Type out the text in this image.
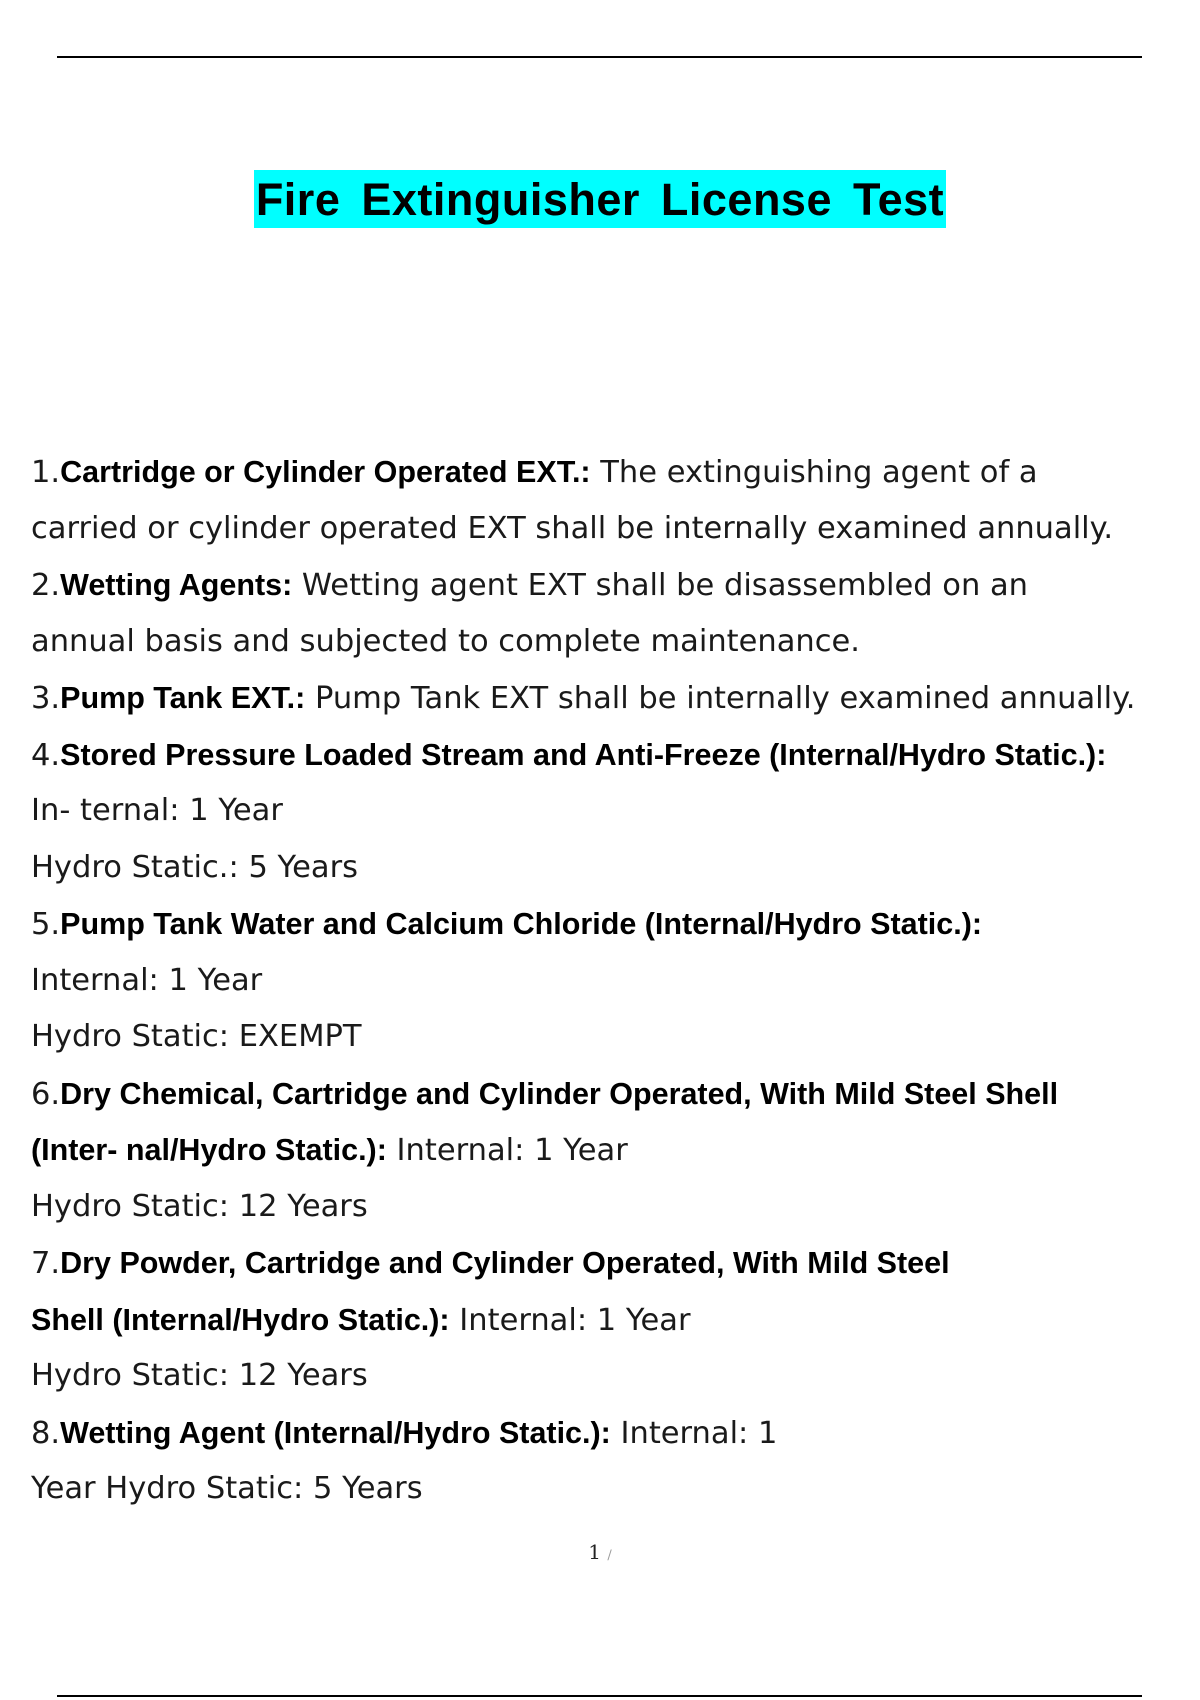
Fire Extinguisher License Test
1.Cartridge or Cylinder Operated EXT.: The extinguishing agent of a
carried or cylinder operated EXT shall be internally examined annually.
2.Wetting Agents: Wetting agent EXT shall be disassembled on an
annual basis and subjected to complete maintenance.
3.Pump Tank EXT.: Pump Tank EXT shall be internally examined annually.
4.Stored Pressure Loaded Stream and Anti-Freeze (Internal/Hydro Static.):
In- ternal: 1 Year
Hydro Static.: 5 Years
5.Pump Tank Water and Calcium Chloride (Internal/Hydro Static.):
Internal: 1 Year
Hydro Static: EXEMPT
6.Dry Chemical, Cartridge and Cylinder Operated, With Mild Steel Shell
(Inter- nal/Hydro Static.): Internal: 1 Year
Hydro Static: 12 Years
7.Dry Powder, Cartridge and Cylinder Operated, With Mild Steel
Shell (Internal/Hydro Static.): Internal: 1 Year
Hydro Static: 12 Years
8.Wetting Agent (Internal/Hydro Static.): Internal: 1
Year Hydro Static: 5 Years
1 /
